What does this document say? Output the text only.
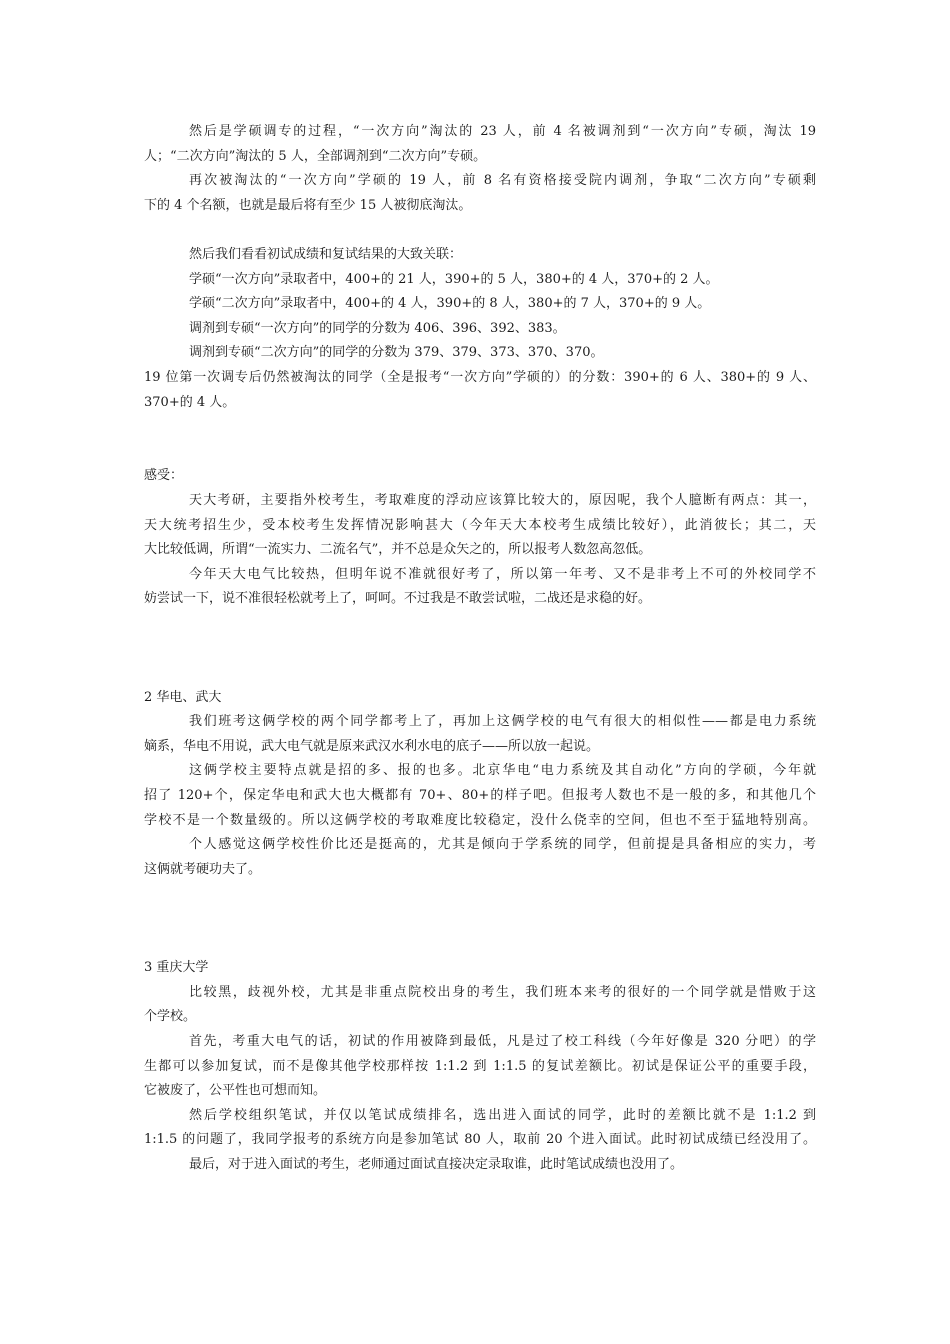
然后是学硕调专的过程，“一次方向”淘汰的 23 人，前 4 名被调剂到“一次方向”专硕，淘汰 19
人；“二次方向”淘汰的 5 人，全部调剂到“二次方向”专硕。
再次被淘汰的“一次方向”学硕的 19 人，前 8 名有资格接受院内调剂，争取“二次方向”专硕剩
下的 4 个名额，也就是最后将有至少 15 人被彻底淘汰。
然后我们看看初试成绩和复试结果的大致关联：
学硕“一次方向”录取者中，400+的 21 人，390+的 5 人，380+的 4 人，370+的 2 人。
学硕“二次方向”录取者中，400+的 4 人，390+的 8 人，380+的 7 人，370+的 9 人。
调剂到专硕“一次方向”的同学的分数为 406、396、392、383。
调剂到专硕“二次方向”的同学的分数为 379、379、373、370、370。
19 位第一次调专后仍然被淘汰的同学（全是报考“一次方向”学硕的）的分数：390+的 6 人、380+的 9 人、
370+的 4 人。
感受：
天大考研，主要指外校考生，考取难度的浮动应该算比较大的，原因呢，我个人臆断有两点：其一，
天大统考招生少，受本校考生发挥情况影响甚大（今年天大本校考生成绩比较好），此消彼长；其二，天
大比较低调，所谓“一流实力、二流名气”，并不总是众矢之的，所以报考人数忽高忽低。
今年天大电气比较热，但明年说不准就很好考了，所以第一年考、又不是非考上不可的外校同学不
妨尝试一下，说不准很轻松就考上了，呵呵。不过我是不敢尝试啦，二战还是求稳的好。
2 华电、武大
我们班考这俩学校的两个同学都考上了，再加上这俩学校的电气有很大的相似性——都是电力系统
嫡系，华电不用说，武大电气就是原来武汉水利水电的底子——所以放一起说。
这俩学校主要特点就是招的多、报的也多。北京华电“电力系统及其自动化”方向的学硕，今年就
招了 120+个，保定华电和武大也大概都有 70+、80+的样子吧。但报考人数也不是一般的多，和其他几个
学校不是一个数量级的。所以这俩学校的考取难度比较稳定，没什么侥幸的空间，但也不至于猛地特别高。
个人感觉这俩学校性价比还是挺高的，尤其是倾向于学系统的同学，但前提是具备相应的实力，考
这俩就考硬功夫了。
3 重庆大学
比较黑，歧视外校，尤其是非重点院校出身的考生，我们班本来考的很好的一个同学就是惜败于这
个学校。
首先，考重大电气的话，初试的作用被降到最低，凡是过了校工科线（今年好像是 320 分吧）的学
生都可以参加复试，而不是像其他学校那样按 1:1.2 到 1:1.5 的复试差额比。初试是保证公平的重要手段，
它被废了，公平性也可想而知。
然后学校组织笔试，并仅以笔试成绩排名，选出进入面试的同学，此时的差额比就不是 1:1.2 到
1:1.5 的问题了，我同学报考的系统方向是参加笔试 80 人，取前 20 个进入面试。此时初试成绩已经没用了。
最后，对于进入面试的考生，老师通过面试直接决定录取谁，此时笔试成绩也没用了。
